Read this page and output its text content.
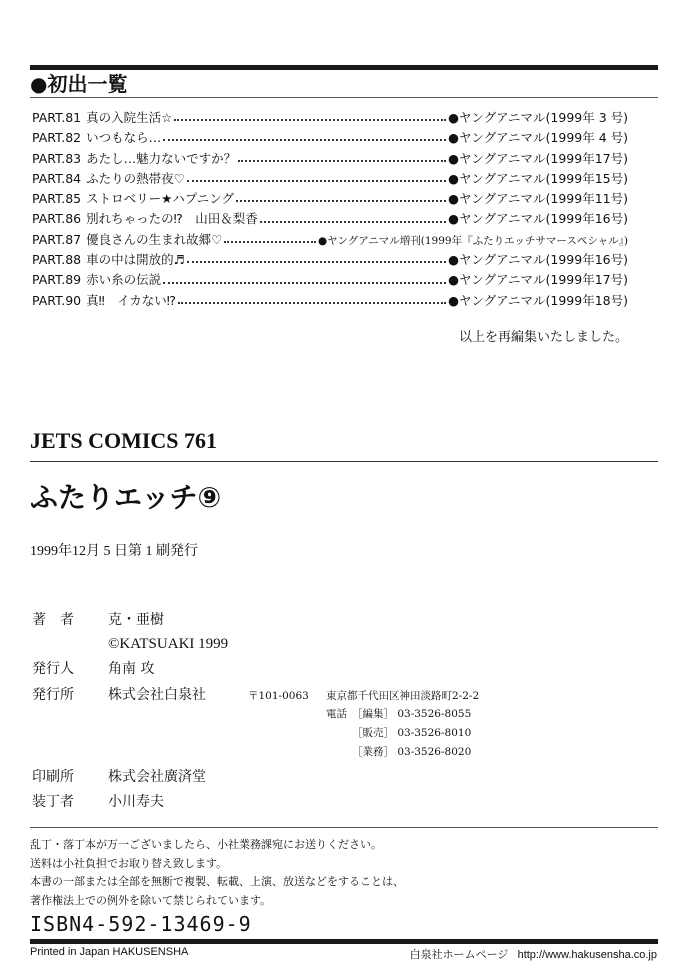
●初出一覧
PART.81 真の入院生活☆	●ヤングアニマル(1999年 3 号)
PART.82 いつもなら…	●ヤングアニマル(1999年 4 号)
PART.83 あたし…魅力ないですか？	●ヤングアニマル(1999年17号)
PART.84 ふたりの熱帯夜♡	●ヤングアニマル(1999年15号)
PART.85 ストロベリー★ハプニング	●ヤングアニマル(1999年11号)
PART.86 別れちゃったの⁉　山田＆梨香	●ヤングアニマル(1999年16号)
PART.87 優良さんの生まれ故郷♡	●ヤングアニマル増刊(1999年『ふたりエッチサマースペシャル』)
PART.88 車の中は開放的♬	●ヤングアニマル(1999年16号)
PART.89 赤い糸の伝説	●ヤングアニマル(1999年17号)
PART.90 真‼　イカない⁉	●ヤングアニマル(1999年18号)
以上を再編集いたしました。
JETS COMICS 761
ふたりエッチ⑨
1999年12月 5 日第 1 刷発行
著　者	克・亜樹
©KATSUAKI 1999
発行人	角南 攻
発行所	株式会社白泉社	〒101-0063 東京都千代田区神田淡路町2-2-2
電話 ［編集］ 03-3526-8055
［販売］ 03-3526-8010
［業務］ 03-3526-8020
印刷所	株式会社廣済堂
装丁者	小川寿夫
乱丁・落丁本が万一ございましたら、小社業務課宛にお送りください。
送料は小社負担でお取り替え致します。
本書の一部または全部を無断で複製、転載、上演、放送などをすることは、
著作権法上での例外を除いて禁じられています。
ISBN4-592-13469-9
Printed in Japan HAKUSENSHA	白泉社ホームページ http://www.hakusensha.co.jp
